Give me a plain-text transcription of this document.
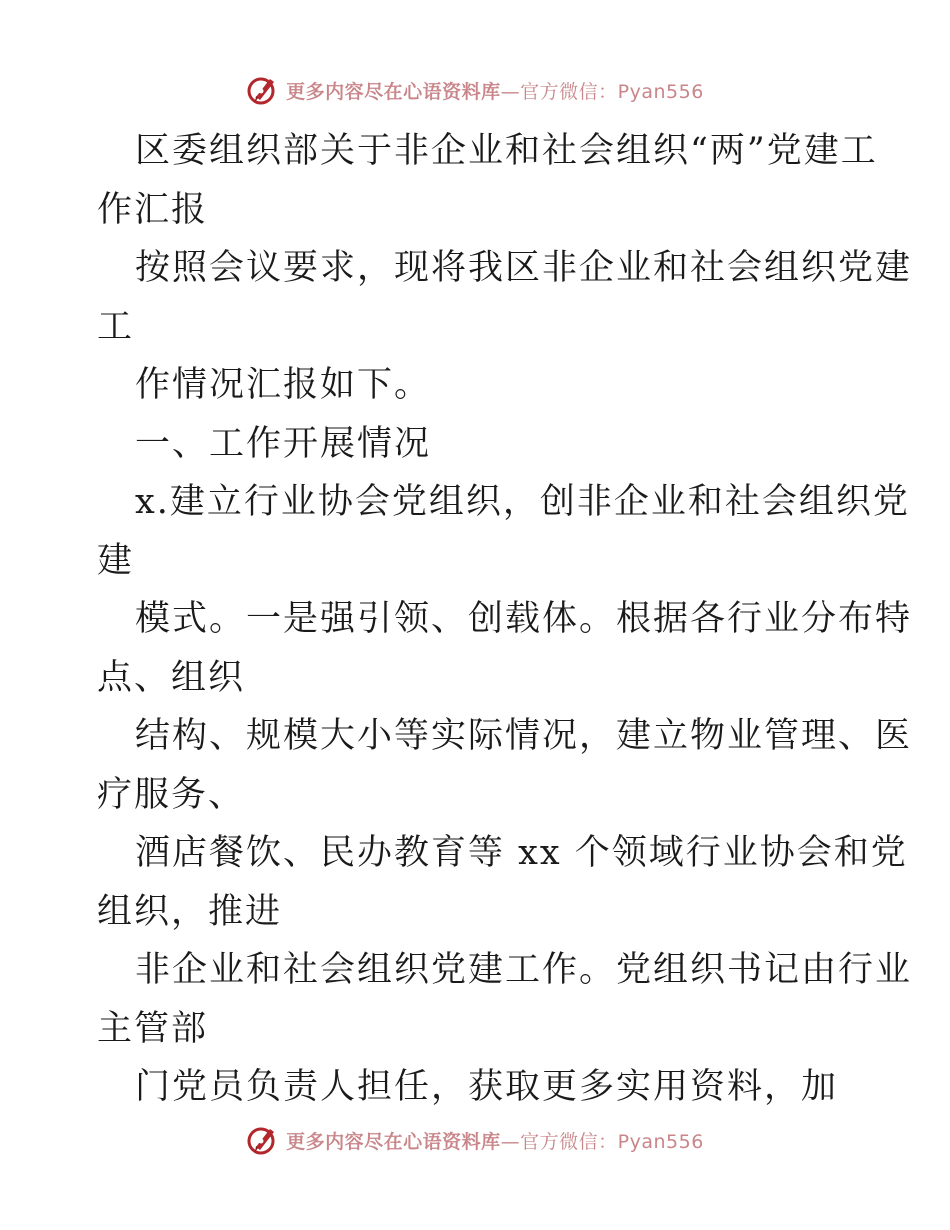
更多内容尽在心语资料库—官方微信：Pyan556
区委组织部关于非企业和社会组织“两”党建工
作汇报
按照会议要求，现将我区非企业和社会组织党建
工
作情况汇报如下。
一、工作开展情况
x.建立行业协会党组织，创非企业和社会组织党
建
模式。一是强引领、创载体。根据各行业分布特
点、组织
结构、规模大小等实际情况，建立物业管理、医
疗服务、
酒店餐饮、民办教育等 xx 个领域行业协会和党
组织，推进
非企业和社会组织党建工作。党组织书记由行业
主管部
门党员负责人担任，获取更多实用资料，加
更多内容尽在心语资料库—官方微信：Pyan556
